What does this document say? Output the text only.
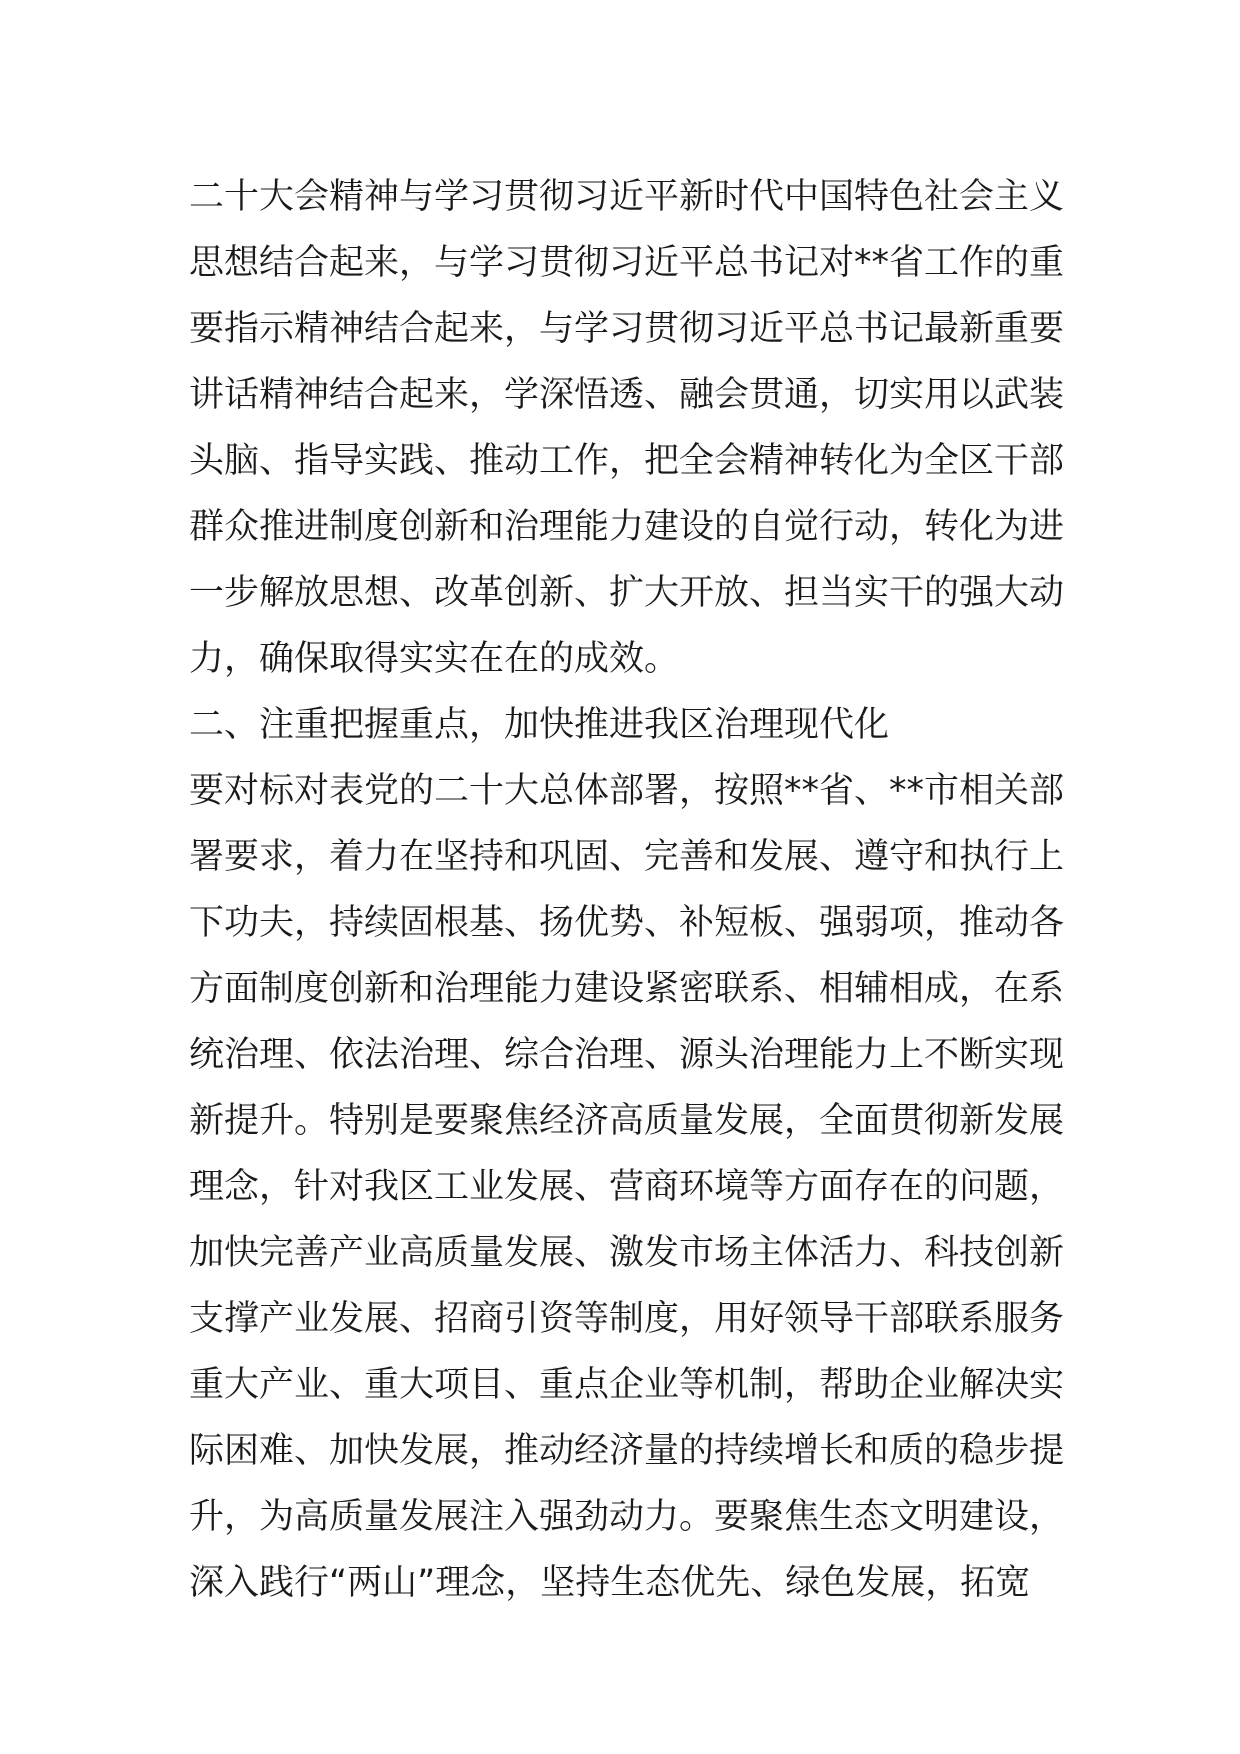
二十大会精神与学习贯彻习近平新时代中国特色社会主义
思想结合起来，与学习贯彻习近平总书记对**省工作的重
要指示精神结合起来，与学习贯彻习近平总书记最新重要
讲话精神结合起来，学深悟透、融会贯通，切实用以武装
头脑、指导实践、推动工作，把全会精神转化为全区干部
群众推进制度创新和治理能力建设的自觉行动，转化为进
一步解放思想、改革创新、扩大开放、担当实干的强大动
力，确保取得实实在在的成效。
二、注重把握重点，加快推进我区治理现代化
要对标对表党的二十大总体部署，按照**省、**市相关部
署要求，着力在坚持和巩固、完善和发展、遵守和执行上
下功夫，持续固根基、扬优势、补短板、强弱项，推动各
方面制度创新和治理能力建设紧密联系、相辅相成，在系
统治理、依法治理、综合治理、源头治理能力上不断实现
新提升。特别是要聚焦经济高质量发展，全面贯彻新发展
理念，针对我区工业发展、营商环境等方面存在的问题，
加快完善产业高质量发展、激发市场主体活力、科技创新
支撑产业发展、招商引资等制度，用好领导干部联系服务
重大产业、重大项目、重点企业等机制，帮助企业解决实
际困难、加快发展，推动经济量的持续增长和质的稳步提
升，为高质量发展注入强劲动力。要聚焦生态文明建设，
深入践行“两山”理念，坚持生态优先、绿色发展，拓宽
